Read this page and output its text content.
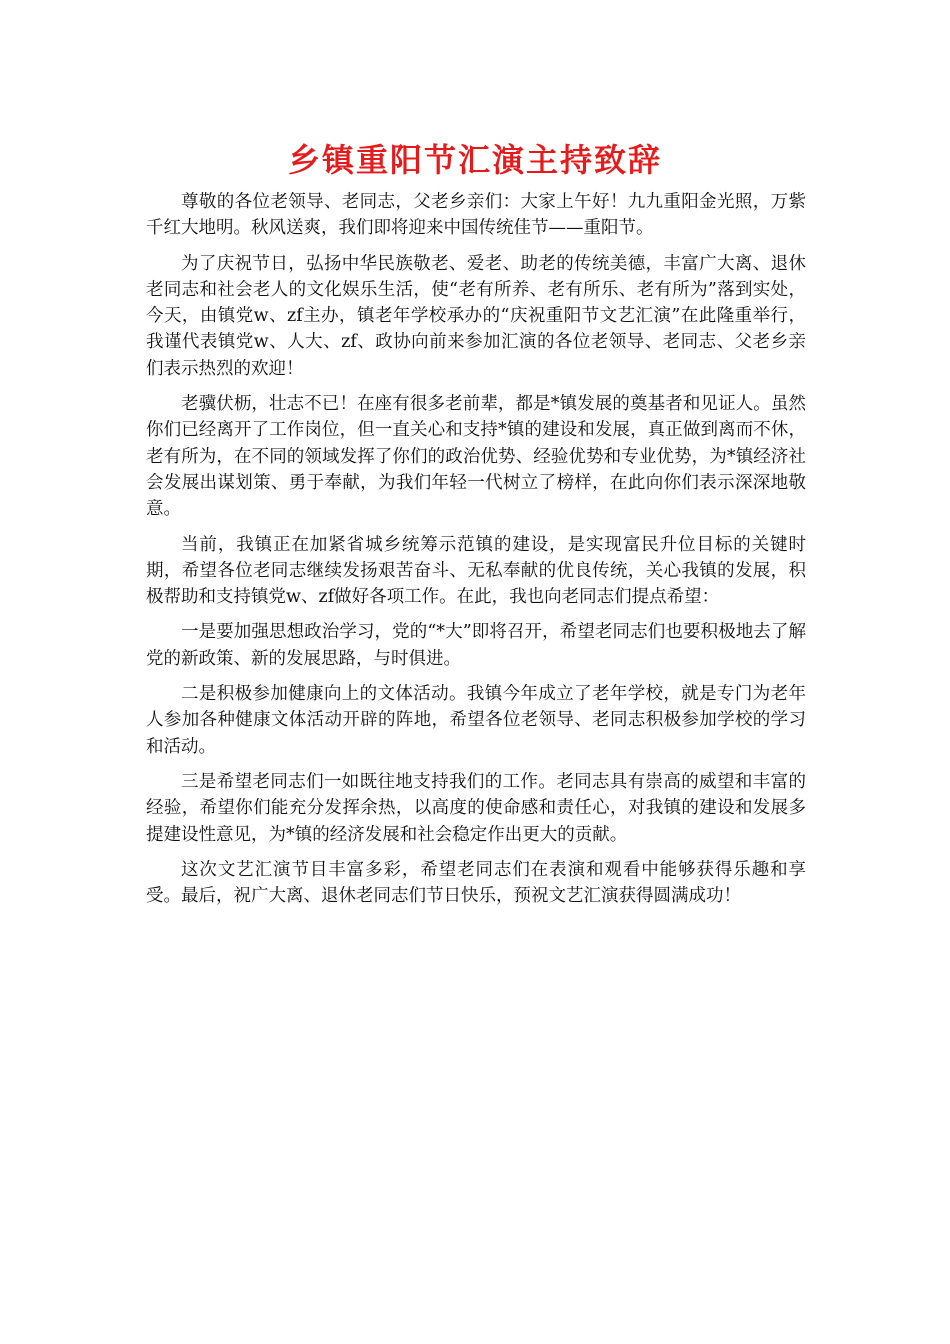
乡镇重阳节汇演主持致辞

尊敬的各位老领导、老同志，父老乡亲们：大家上午好！九九重阳金光照，万紫千红大地明。秋风送爽，我们即将迎来中国传统佳节——重阳节。

为了庆祝节日，弘扬中华民族敬老、爱老、助老的传统美德，丰富广大离、退休老同志和社会老人的文化娱乐生活，使“老有所养、老有所乐、老有所为”落到实处，今天，由镇党w、zf主办，镇老年学校承办的“庆祝重阳节文艺汇演”在此隆重举行，我谨代表镇党w、人大、zf、政协向前来参加汇演的各位老领导、老同志、父老乡亲们表示热烈的欢迎！

老骥伏枥，壮志不已！在座有很多老前辈，都是*镇发展的奠基者和见证人。虽然你们已经离开了工作岗位，但一直关心和支持*镇的建设和发展，真正做到离而不休，老有所为，在不同的领域发挥了你们的政治优势、经验优势和专业优势，为*镇经济社会发展出谋划策、勇于奉献，为我们年轻一代树立了榜样，在此向你们表示深深地敬意。

当前，我镇正在加紧省城乡统筹示范镇的建设，是实现富民升位目标的关键时期，希望各位老同志继续发扬艰苦奋斗、无私奉献的优良传统，关心我镇的发展，积极帮助和支持镇党w、zf做好各项工作。在此，我也向老同志们提点希望：

一是要加强思想政治学习，党的“*大”即将召开，希望老同志们也要积极地去了解党的新政策、新的发展思路，与时俱进。

二是积极参加健康向上的文体活动。我镇今年成立了老年学校，就是专门为老年人参加各种健康文体活动开辟的阵地，希望各位老领导、老同志积极参加学校的学习和活动。

三是希望老同志们一如既往地支持我们的工作。老同志具有崇高的威望和丰富的经验，希望你们能充分发挥余热，以高度的使命感和责任心，对我镇的建设和发展多提建设性意见，为*镇的经济发展和社会稳定作出更大的贡献。

这次文艺汇演节目丰富多彩，希望老同志们在表演和观看中能够获得乐趣和享受。最后，祝广大离、退休老同志们节日快乐，预祝文艺汇演获得圆满成功！
